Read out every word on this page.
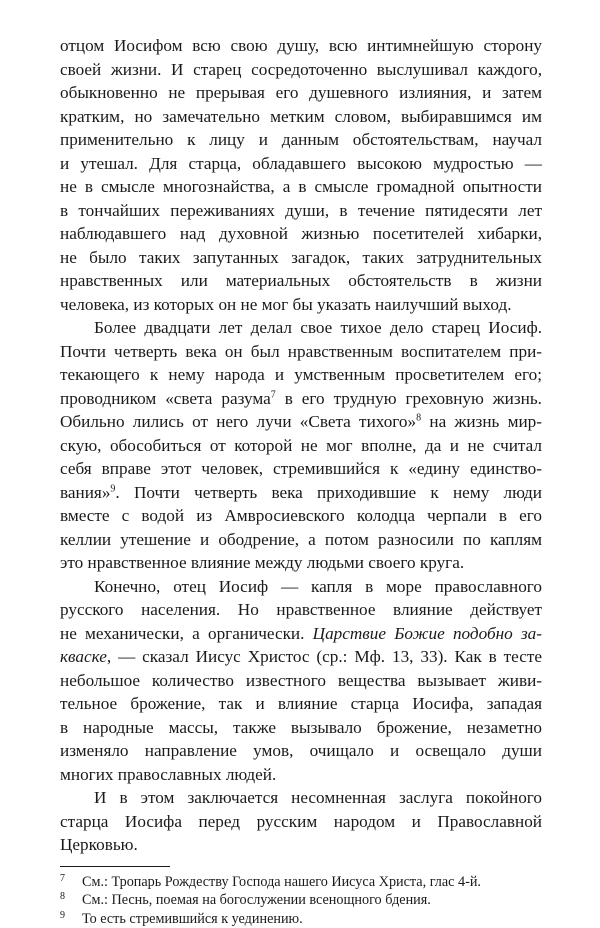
отцом Иосифом всю свою душу, всю интимнейшую сторону
своей жизни. И старец сосредоточенно выслушивал каждого,
обыкновенно не прерывая его душевного излияния, и затем
кратким, но замечательно метким словом, выбиравшимся им
применительно к лицу и данным обстоятельствам, научал
и утешал. Для старца, обладавшего высокою мудростью —
не в смысле многознайства, а в смысле громадной опытности
в тончайших переживаниях души, в течение пятидесяти лет
наблюдавшего над духовной жизнью посетителей хибарки,
не было таких запутанных загадок, таких затруднительных
нравственных или материальных обстоятельств в жизни
человека, из которых он не мог бы указать наилучший выход.

Более двадцати лет делал свое тихое дело старец Иосиф.
Почти четверть века он был нравственным воспитателем при-
текающего к нему народа и умственным просветителем его;
проводником «света разума$^7$ в его трудную греховную жизнь.
Обильно лились от него лучи «Света тихого»$^8$ на жизнь мир-
скую, обособиться от которой не мог вполне, да и не считал
себя вправе этот человек, стремившийся к «едину единство-
вания»$^9$. Почти четверть века приходившие к нему люди
вместе с водой из Амвросиевского колодца черпали в его
келлии утешение и ободрение, а потом разносили по каплям
это нравственное влияние между людьми своего круга.

Конечно, отец Иосиф — капля в море православного
русского населения. Но нравственное влияние действует
не механически, а органически. Царствие Божие подобно за-
кваске, — сказал Иисус Христос (ср.: Мф. 13, 33). Как в тесте
небольшое количество известного вещества вызывает живи-
тельное брожение, так и влияние старца Иосифа, западая
в народные массы, также вызывало брожение, незаметно
изменяло направление умов, очищало и освещало души
многих православных людей.

И в этом заключается несомненная заслуга покойного
старца Иосифа перед русским народом и Православной
Церковью.

7	См.: Тропарь Рождеству Господа нашего Иисуса Христа, глас 4-й.
8	См.: Песнь, поемая на богослужении всенощного бдения.
9	То есть стремившийся к уединению.
